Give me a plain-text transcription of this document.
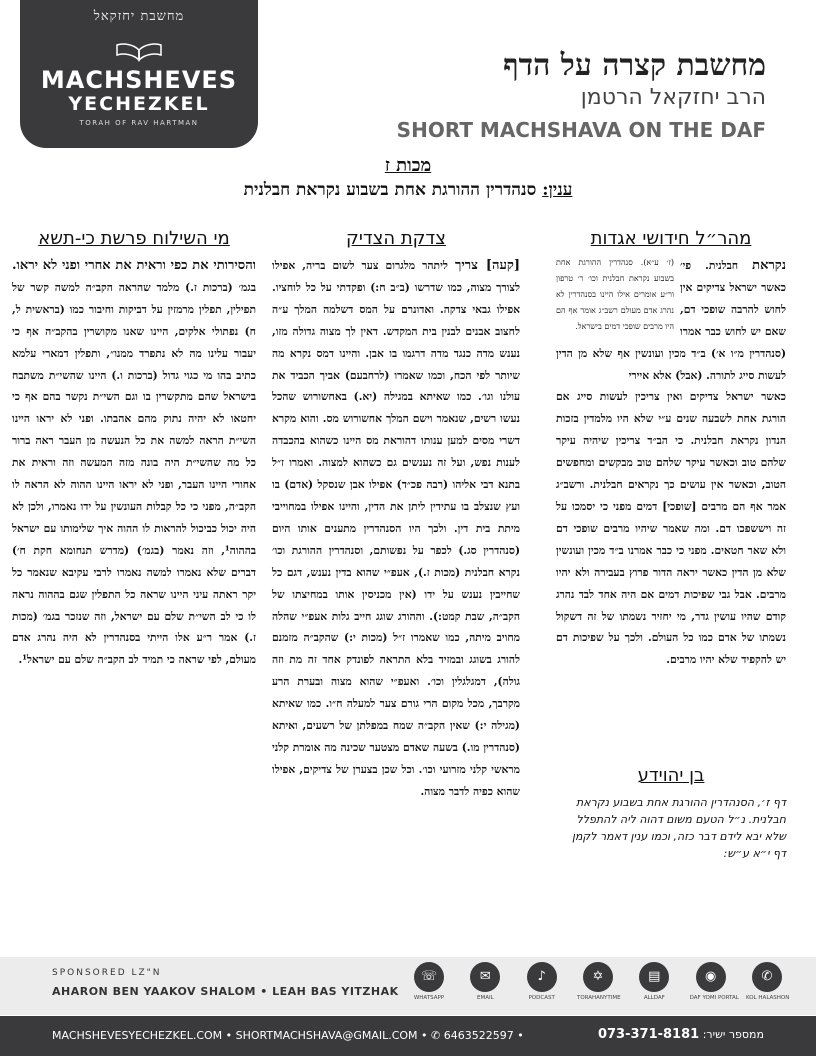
מחשבת יחזקאל
MACHSHEVES
YECHEZKEL
TORAH OF RAV HARTMAN
מחשבת קצרה על הדף
הרב יחזקאל הרטמן
SHORT MACHSHAVA ON THE DAF
מכות ז
ענין: סנהדרין ההורגת אחת בשבוע נקראת חבלנית
מהר״ל חידושי אגדות
(ז׳ ע״א). סנהדרין ההורגת אחת בשבוע נקראת חבלנית וכו׳ ר׳ טרפון ור״ע אומרים אילו היינו בסנהדרין לא נהרג אדם מעולם רשב״ג אומר אף הם היו מרבים שופכי דמים בישראל.
נקראת חבלנית. פי׳ כאשר ישראל צדיקים אין לחוש להרבה שופכי דם, שאם יש לחוש כבר אמרו (סנהדרין מ״ו א׳) ב״ד מכין ועונשין אף שלא מן הדין לעשות סייג לתורה. (אבל) אלא איירי
כאשר ישראל צדיקים ואין צריכין לעשות סייג אם הורגת אחת לשבעה שנים ע״י שלא היו מלמדין בזכות הנדון נקראת חבלנית. כי הב״ד צריכין שיהיה עיקר שלהם טוב וכאשר עיקר שלהם טוב מבקשים ומחפשים הטוב, וכאשר אין עושים כך נקראים חבלנית. ורשב״ג אמר אף הם מרבים [שופכי] דמים מפני כי יסמכו על זה ויששפכו דם. ומה שאמר שיהיו מרבים שופכי דם ולא שאר חטאים. מפני כי כבר אמרנו ב״ד מכין ועונשין שלא מן הדין כאשר יראה הדור פרוץ בעבירה ולא יהיו מרבים. אבל גבי שפיכות דמים אם היה אחד לבד נהרג קודם שהיו עושין גדר, מי יחזיר נשמתו של זה דשקול נשמתו של אדם כמו כל העולם. ולכך על שפיכות דם יש להקפיד שלא יהיו מרבים.
צדקת הצדיק
[קעה] צריך ליתהר מלגרום צער לשום בריה, אפילו לצורך מצוה, כמו שדרשו (ב״ב ח:) ופקדתי על כל לוחציו. אפילו גבאי צדקה. ואדונרם על המס דשלמה המלך ע״ה לחצוב אבנים לבנין בית המקדש. דאין לך מצוה גדולה מזו, נענש מדה כנגד מדה דרגמו בו אבן. והיינו דמס נקרא מה שיותר לפי הכח, וכמו שאמרו (לרחבעם) אביך הכביד את עולנו וגו׳. כמו שאיתא במגילה (יא.) באחשורוש שהכל נעשו רשים, שנאמר וישם המלך אחשורוש מס. והוא מקרא דשרי מסים למען ענותו דהוראת מס היינו כשהוא בהכבדה לענות נפש, ועל זה נענשים גם כשהוא למצוה. ואמרו ז״ל בתנא דבי אליהו (רבה פכ״ד) אפילו אבן שנסקל (אדם) בו ועץ שנצלב בו עתידין ליתן את הדין, והיינו אפילו במחוייבי מיתת בית דין. ולכך היו הסנהדרין מתענים אותו היום (סנהדרין סג.) לכפר על נפשותם, וסנהדרין ההורגת וכו׳ נקרא חבלנית (מכות ז.), אעפ״י שהוא בדין נענש, דגם כל שחייבין נענש על ידו (אין מכניסין אותו במחיצתו של הקב״ה, שבת קמט:). וההורג שוגג חייב גלות אעפ״י שהלה מחויב מיתה, כמו שאמרו ז״ל (מכות י:) שהקב״ה מזמנם להורג בשוגג ובמזיד בלא התראה לפונדק אחד זה מת וזה גולה), דמגלגלין וכו׳. ואעפ״י שהוא מצוה ובערת הרע מקרבך, מכל מקום הרי גורם צער למעלה ח״ו. כמו שאיתא (מגילה י:) שאין הקב״ה שמח במפלתן של רשעים, ואיתא (סנהדרין מו.) בשעה שאדם מצטער שכינה מה אומרת קלני מראשי קלני מזרועי וכו׳. וכל שכן בצערן של צדיקים, אפילו שהוא כפיה לדבר מצוה.
מי השילוח פרשת כי-תשא
והסירותי את כפי וראית את אחרי ופני לא יראו. בגמ׳ (ברכות ז.) מלמד שהראה הקב״ה למשה קשר של תפילין, תפלין מרמזין על דביקות וחיבור כמו (בראשית ל, ח) נפתולי אלקים, היינו שאנו מקושרין בהקב״ה אף כי יעבור עלינו מה לא נתפרד ממנו״, ותפלין דמארי עלמא כתיב בהו מי כגוי גדול (ברכות ו.) היינו שהשי״ת משתבח בישראל שהם מתקשרין בו וגם השי״ת נקשר בהם אף כי יחטאו לא יהיה נתוק מהם אהבתו. ופני לא יראו היינו השי״ת הראה למשה את כל הנעשה מן העבר ראה ברור כל מה שהשי״ת היה בונה מזה המעשה וזה וראית את אחורי היינו העבר, ופני לא יראו היינו ההוה לא הראה לו הקב״ה, מפני כי כל קבלות העונשין על ידו נאמרו, ולכן לא היה יכול כביכול להראות לו ההוה איך שלימותו עם ישראל בההוה¹, וזה נאמר (בגמ׳) (מדרש תנחומא חקת ח׳) דברים שלא נאמרו למשה נאמרו לרבי עקיבא שנאמר כל יקר ראתה עיני היינו שראה כל התפלין שגם בההוה נראה לו כי לב השי״ת שלם עם ישראל, וזה שנזכר בגמ׳ (מכות ז.) אמר ר״ע אלו הייתי בסנהדרין לא היה נהרג אדם מעולם, לפי שראה כי תמיד לב הקב״ה שלם עם ישראל¹.
בן יהוידע
דף ז׳, הסנהדרין ההורגת אחת בשבוע נקראת חבלנית. נ״ל הטעם משום דהוה ליה להתפלל שלא יבא לידם דבר כזה, וכמו ענין דאמר לקמן דף י״א ע״ש:
SPONSORED LZ"N
AHARON BEN YAAKOV SHALOM • LEAH BAS YITZHAK
☏
WHATSAPP
✉
EMAIL
♪
PODCAST
✡
TORAHANYTIME
▤
ALLDAF
◉
DAF YOMI PORTAL
✆
KOL HALASHON
MACHSHEVESYECHEZKEL.COM • SHORTMACHSHAVA@GMAIL.COM • ✆ 6463522597 •	ממספר ישיר: 073-371-8181
